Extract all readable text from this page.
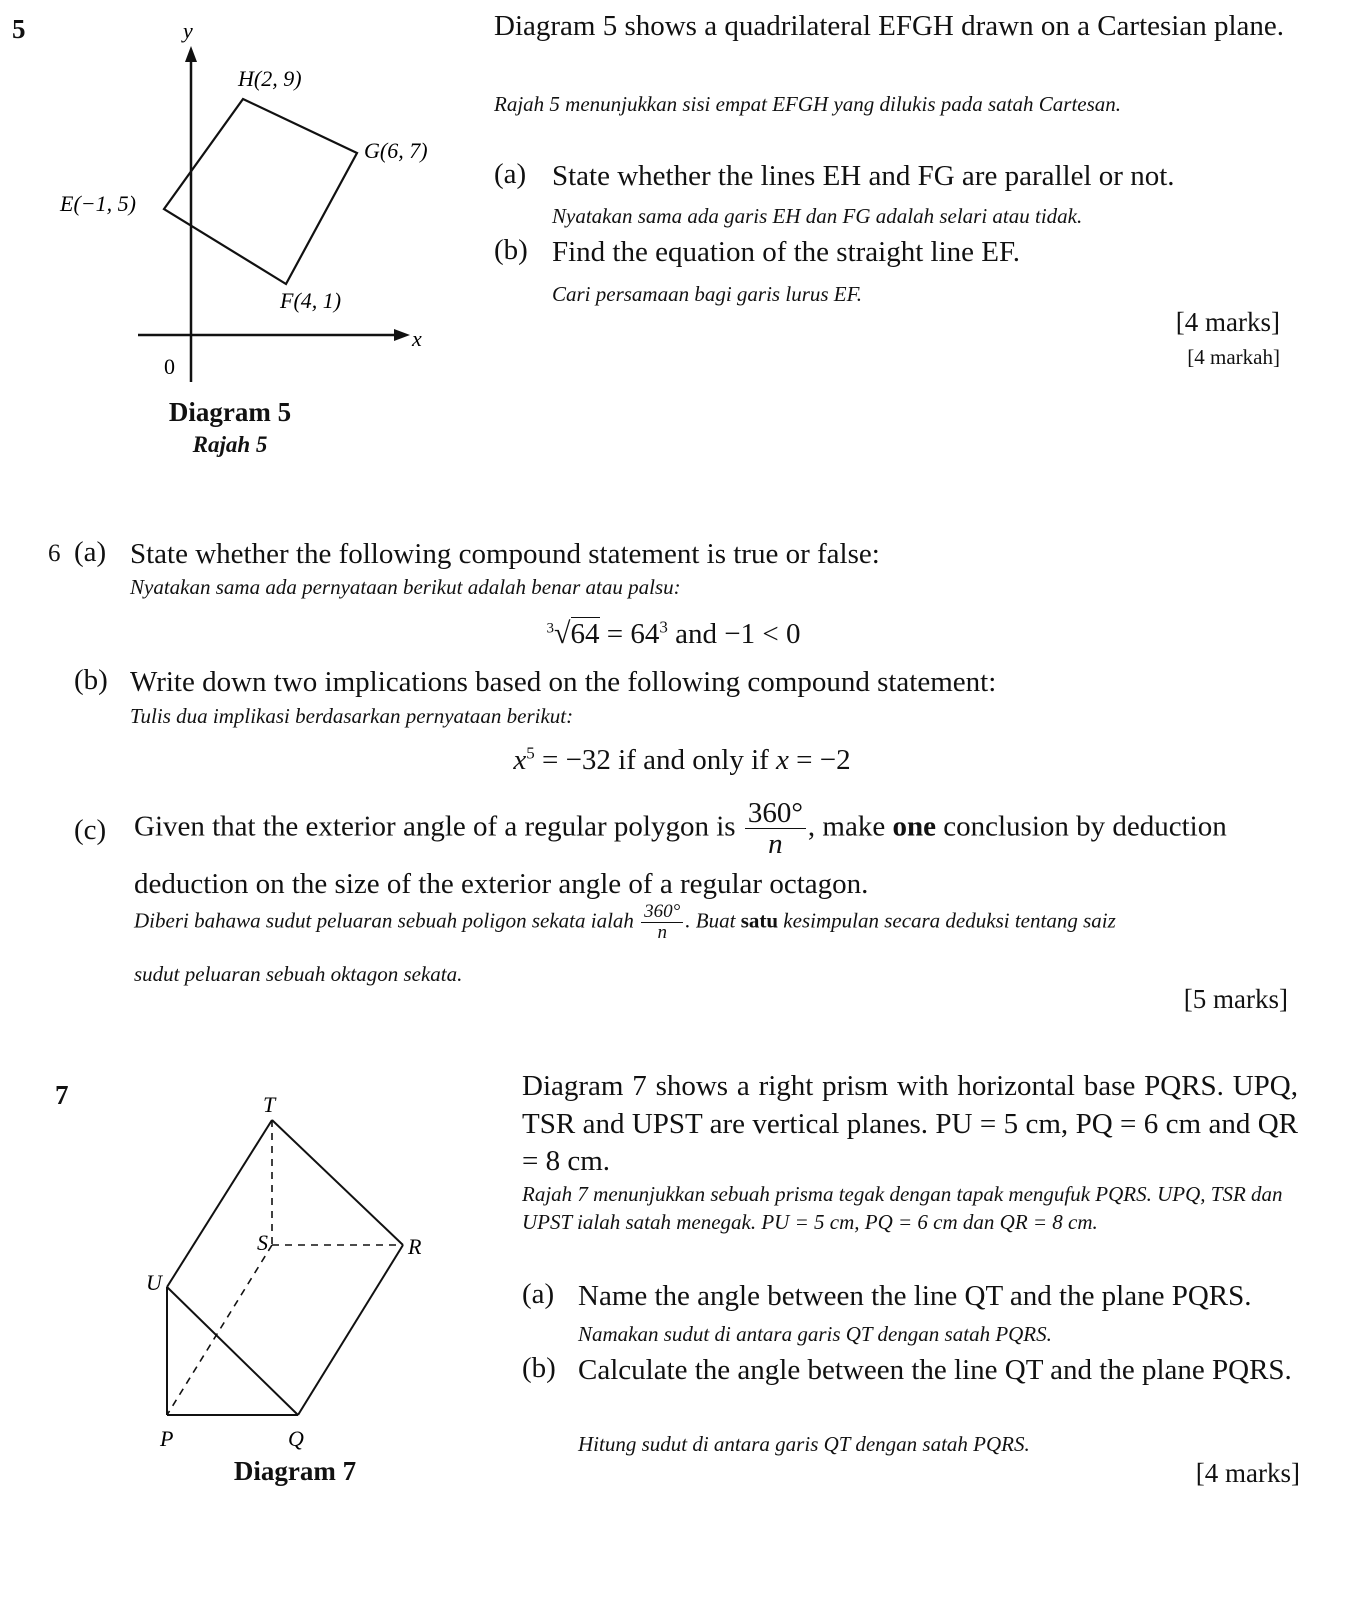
5	y
x
0
H(2, 9)
G(6, 7)
E(−1, 5)
F(4, 1)
Diagram 5
Rajah 5
Diagram 5 shows a quadrilateral EFGH drawn on a Cartesian plane.
Rajah 5 menunjukkan sisi empat EFGH yang dilukis pada satah Cartesan.
(a) State whether the lines EH and FG are parallel or not.
Nyatakan sama ada garis EH dan FG adalah selari atau tidak.
(b) Find the equation of the straight line EF.
Cari persamaan bagi garis lurus EF.
[4 marks]
[4 markah]
6 (a) State whether the following compound statement is true or false:
Nyatakan sama ada pernyataan berikut adalah benar atau palsu:
$^3√64 = 64^3$ and −1 < 0
(b) Write down two implications based on the following compound statement:
Tulis dua implikasi berdasarkan pernyataan berikut:
$x^5 = -32$ if and only if x = −2
(c) Given that the exterior angle of a regular polygon is $\frac{360^\circ}{n}$ , make one conclusion by deduction
deduction on the size of the exterior angle of a regular octagon.
Diberi bahawa sudut peluaran sebuah poligon sekata ialah $\frac{360^\circ}{n}$ . Buat satu kesimpulan secara deduksi tentang saiz
sudut peluaran sebuah oktagon sekata.
[5 marks]
7	T
S	R
U
P	Q
Diagram 7
Diagram 7 shows a right prism with horizontal base PQRS. UPQ, TSR and UPST are vertical planes. PU = 5 cm, PQ = 6 cm and QR = 8 cm.
Rajah 7 menunjukkan sebuah prisma tegak dengan tapak mengufuk PQRS. UPQ, TSR dan UPST ialah satah menegak. PU = 5 cm, PQ = 6 cm dan QR = 8 cm.
(a) Name the angle between the line QT and the plane PQRS.
Namakan sudut di antara garis QT dengan satah PQRS.
(b) Calculate the angle between the line QT and the plane PQRS.
Hitung sudut di antara garis QT dengan satah PQRS.
[4 marks]
